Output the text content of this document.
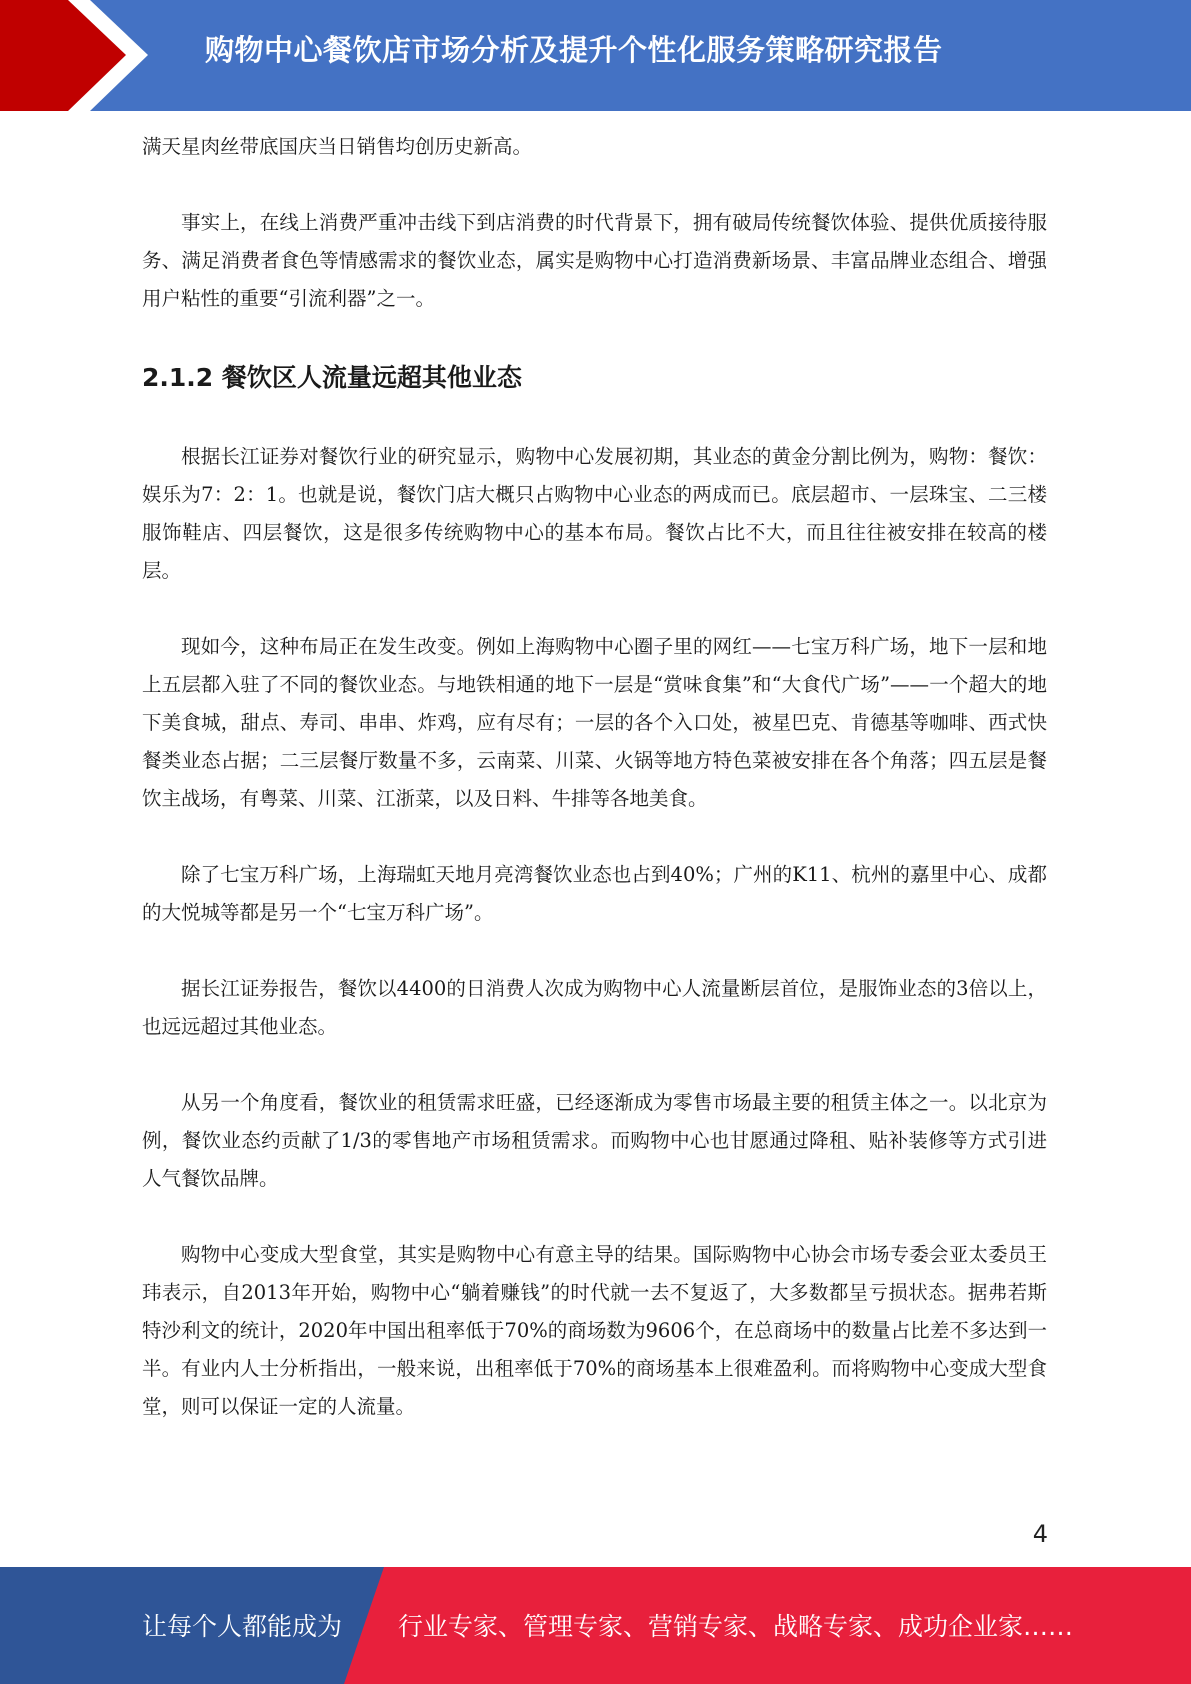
购物中心餐饮店市场分析及提升个性化服务策略研究报告

满天星肉丝带底国庆当日销售均创历史新高。

事实上，在线上消费严重冲击线下到店消费的时代背景下，拥有破局传统餐饮体验、提供优质接待服务、满足消费者食色等情感需求的餐饮业态，属实是购物中心打造消费新场景、丰富品牌业态组合、增强用户粘性的重要“引流利器”之一。

2.1.2 餐饮区人流量远超其他业态

根据长江证券对餐饮行业的研究显示，购物中心发展初期，其业态的黄金分割比例为，购物：餐饮：娱乐为7：2：1。也就是说，餐饮门店大概只占购物中心业态的两成而已。底层超市、一层珠宝、二三楼服饰鞋店、四层餐饮，这是很多传统购物中心的基本布局。餐饮占比不大，而且往往被安排在较高的楼层。

现如今，这种布局正在发生改变。例如上海购物中心圈子里的网红——七宝万科广场，地下一层和地上五层都入驻了不同的餐饮业态。与地铁相通的地下一层是“赏味食集”和“大食代广场”——一个超大的地下美食城，甜点、寿司、串串、炸鸡，应有尽有；一层的各个入口处，被星巴克、肯德基等咖啡、西式快餐类业态占据；二三层餐厅数量不多，云南菜、川菜、火锅等地方特色菜被安排在各个角落；四五层是餐饮主战场，有粤菜、川菜、江浙菜，以及日料、牛排等各地美食。

除了七宝万科广场，上海瑞虹天地月亮湾餐饮业态也占到40%；广州的K11、杭州的嘉里中心、成都的大悦城等都是另一个“七宝万科广场”。

据长江证券报告，餐饮以4400的日消费人次成为购物中心人流量断层首位，是服饰业态的3倍以上，也远远超过其他业态。

从另一个角度看，餐饮业的租赁需求旺盛，已经逐渐成为零售市场最主要的租赁主体之一。以北京为例，餐饮业态约贡献了1/3的零售地产市场租赁需求。而购物中心也甘愿通过降租、贴补装修等方式引进人气餐饮品牌。

购物中心变成大型食堂，其实是购物中心有意主导的结果。国际购物中心协会市场专委会亚太委员王玮表示，自2013年开始，购物中心“躺着赚钱”的时代就一去不复返了，大多数都呈亏损状态。据弗若斯特沙利文的统计，2020年中国出租率低于70%的商场数为9606个，在总商场中的数量占比差不多达到一半。有业内人士分析指出，一般来说，出租率低于70%的商场基本上很难盈利。而将购物中心变成大型食堂，则可以保证一定的人流量。

4
让每个人都能成为 行业专家、管理专家、营销专家、战略专家、成功企业家……
